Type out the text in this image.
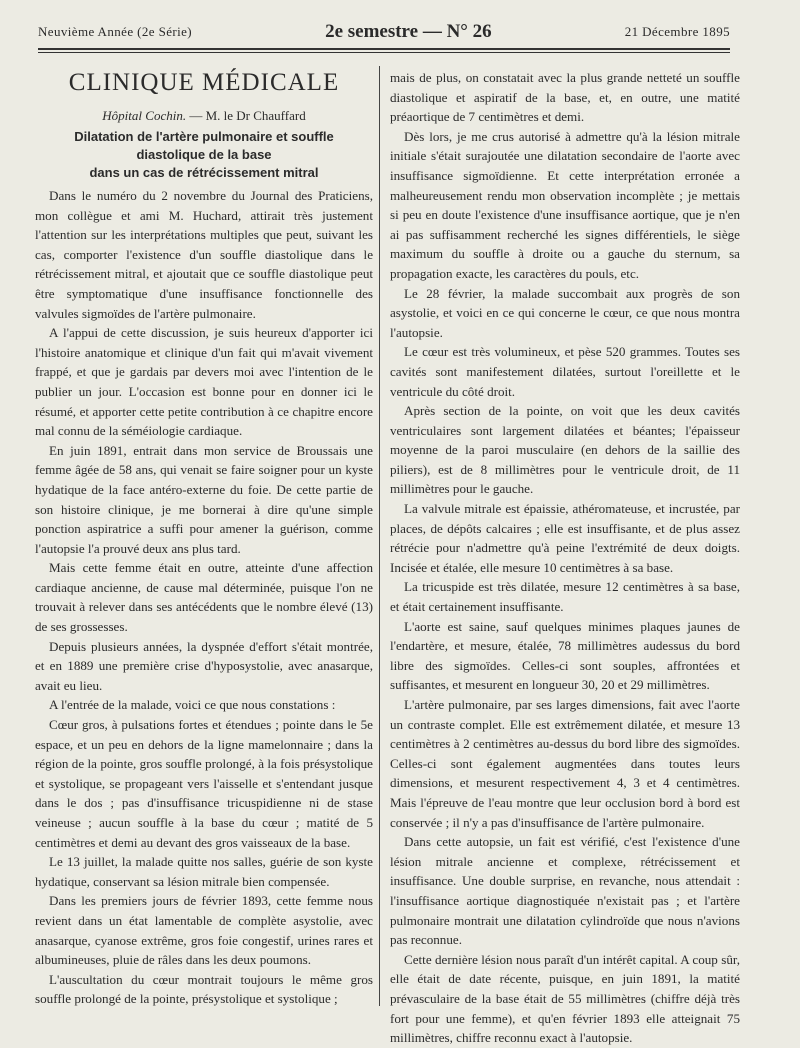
Neuvième Année (2e Série)	2e semestre — N° 26	21 Décembre 1895
CLINIQUE MÉDICALE
Hôpital Cochin. — M. le Dr Chauffard
Dilatation de l'artère pulmonaire et souffle
diastolique de la base
dans un cas de rétrécissement mitral

Dans le numéro du 2 novembre du Journal des Praticiens, mon collègue et ami M. Huchard, attirait très justement l'attention sur les interprétations multiples que peut, suivant les cas, comporter l'existence d'un souffle diastolique dans le rétrécissement mitral, et ajoutait que ce souffle diastolique peut être symptomatique d'une insuffisance fonctionnelle des valvules sigmoïdes de l'artère pulmonaire.

A l'appui de cette discussion, je suis heureux d'apporter ici l'histoire anatomique et clinique d'un fait qui m'avait vivement frappé, et que je gardais par devers moi avec l'intention de le publier un jour. L'occasion est bonne pour en donner ici le résumé, et apporter cette petite contribution à ce chapitre encore mal connu de la séméiologie cardiaque.

En juin 1891, entrait dans mon service de Broussais une femme âgée de 58 ans, qui venait se faire soigner pour un kyste hydatique de la face antéro-externe du foie. De cette partie de son histoire clinique, je me bornerai à dire qu'une simple ponction aspiratrice a suffi pour amener la guérison, comme l'autopsie l'a prouvé deux ans plus tard.

Mais cette femme était en outre, atteinte d'une affection cardiaque ancienne, de cause mal déterminée, puisque l'on ne trouvait à relever dans ses antécédents que le nombre élevé (13) de ses grossesses.

Depuis plusieurs années, la dyspnée d'effort s'était montrée, et en 1889 une première crise d'hyposystolie, avec anasarque, avait eu lieu.

A l'entrée de la malade, voici ce que nous constations :

Cœur gros, à pulsations fortes et étendues ; pointe dans le 5e espace, et un peu en dehors de la ligne mamelonnaire ; dans la région de la pointe, gros souffle prolongé, à la fois présystolique et systolique, se propageant vers l'aisselle et s'entendant jusque dans le dos ; pas d'insuffisance tricuspidienne ni de stase veineuse ; aucun souffle à la base du cœur ; matité de 5 centimètres et demi au devant des gros vaisseaux de la base.

Le 13 juillet, la malade quitte nos salles, guérie de son kyste hydatique, conservant sa lésion mitrale bien compensée.

Dans les premiers jours de février 1893, cette femme nous revient dans un état lamentable de complète asystolie, avec anasarque, cyanose extrême, gros foie congestif, urines rares et albumineuses, pluie de râles dans les deux poumons.

L'auscultation du cœur montrait toujours le même gros souffle prolongé de la pointe, présystolique et systolique ;

mais de plus, on constatait avec la plus grande netteté un souffle diastolique et aspiratif de la base, et, en outre, une matité préaortique de 7 centimètres et demi.

Dès lors, je me crus autorisé à admettre qu'à la lésion mitrale initiale s'était surajoutée une dilatation secondaire de l'aorte avec insuffisance sigmoïdienne. Et cette interprétation erronée a malheureusement rendu mon observation incomplète ; je mettais si peu en doute l'existence d'une insuffisance aortique, que je n'en ai pas suffisamment recherché les signes différentiels, le siège maximum du souffle à droite ou a gauche du sternum, sa propagation exacte, les caractères du pouls, etc.

Le 28 février, la malade succombait aux progrès de son asystolie, et voici en ce qui concerne le cœur, ce que nous montra l'autopsie.

Le cœur est très volumineux, et pèse 520 grammes. Toutes ses cavités sont manifestement dilatées, surtout l'oreillette et le ventricule du côté droit.

Après section de la pointe, on voit que les deux cavités ventriculaires sont largement dilatées et béantes; l'épaisseur moyenne de la paroi musculaire (en dehors de la saillie des piliers), est de 8 millimètres pour le ventricule droit, de 11 millimètres pour le gauche.

La valvule mitrale est épaissie, athéromateuse, et incrustée, par places, de dépôts calcaires ; elle est insuffisante, et de plus assez rétrécie pour n'admettre qu'à peine l'extrémité de deux doigts. Incisée et étalée, elle mesure 10 centimètres à sa base.

La tricuspide est très dilatée, mesure 12 centimètres à sa base, et était certainement insuffisante.

L'aorte est saine, sauf quelques minimes plaques jaunes de l'endartère, et mesure, étalée, 78 millimètres audessus du bord libre des sigmoïdes. Celles-ci sont souples, affrontées et suffisantes, et mesurent en longueur 30, 20 et 29 millimètres.

L'artère pulmonaire, par ses larges dimensions, fait avec l'aorte un contraste complet. Elle est extrêmement dilatée, et mesure 13 centimètres à 2 centimètres au-dessus du bord libre des sigmoïdes. Celles-ci sont également augmentées dans toutes leurs dimensions, et mesurent respectivement 4, 3 et 4 centimètres. Mais l'épreuve de l'eau montre que leur occlusion bord à bord est conservée ; il n'y a pas d'insuffisance de l'artère pulmonaire.

Dans cette autopsie, un fait est vérifié, c'est l'existence d'une lésion mitrale ancienne et complexe, rétrécissement et insuffisance. Une double surprise, en revanche, nous attendait : l'insuffisance aortique diagnostiquée n'existait pas ; et l'artère pulmonaire montrait une dilatation cylindroïde que nous n'avions pas reconnue.

Cette dernière lésion nous paraît d'un intérêt capital. A coup sûr, elle était de date récente, puisque, en juin 1891, la matité prévasculaire de la base était de 55 millimètres (chiffre déjà très fort pour une femme), et qu'en février 1893 elle atteignait 75 millimètres, chiffre reconnu exact à l'autopsie.
